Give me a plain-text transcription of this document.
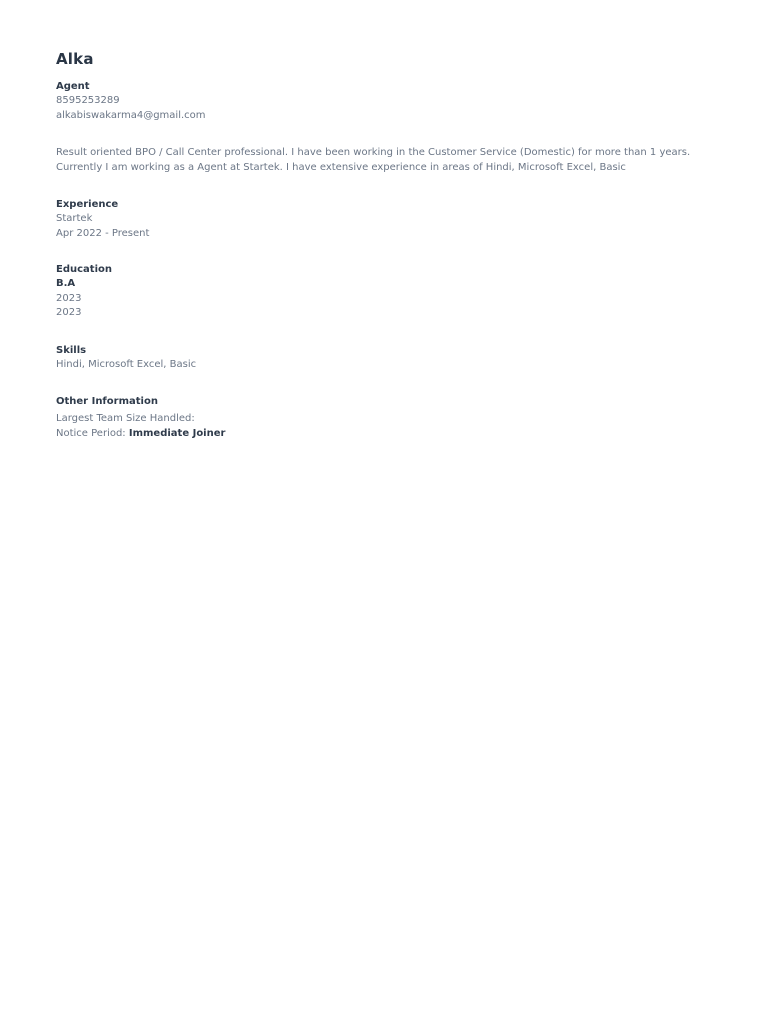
Alka
Agent
8595253289
alkabiswakarma4@gmail.com
Result oriented BPO / Call Center professional. I have been working in the Customer Service (Domestic) for more than 1 years. Currently I am working as a Agent at Startek. I have extensive experience in areas of Hindi, Microsoft Excel, Basic
Experience
Startek
Apr 2022 - Present
Education
B.A
2023
2023
Skills
Hindi, Microsoft Excel, Basic
Other Information
Largest Team Size Handled:
Notice Period: Immediate Joiner
